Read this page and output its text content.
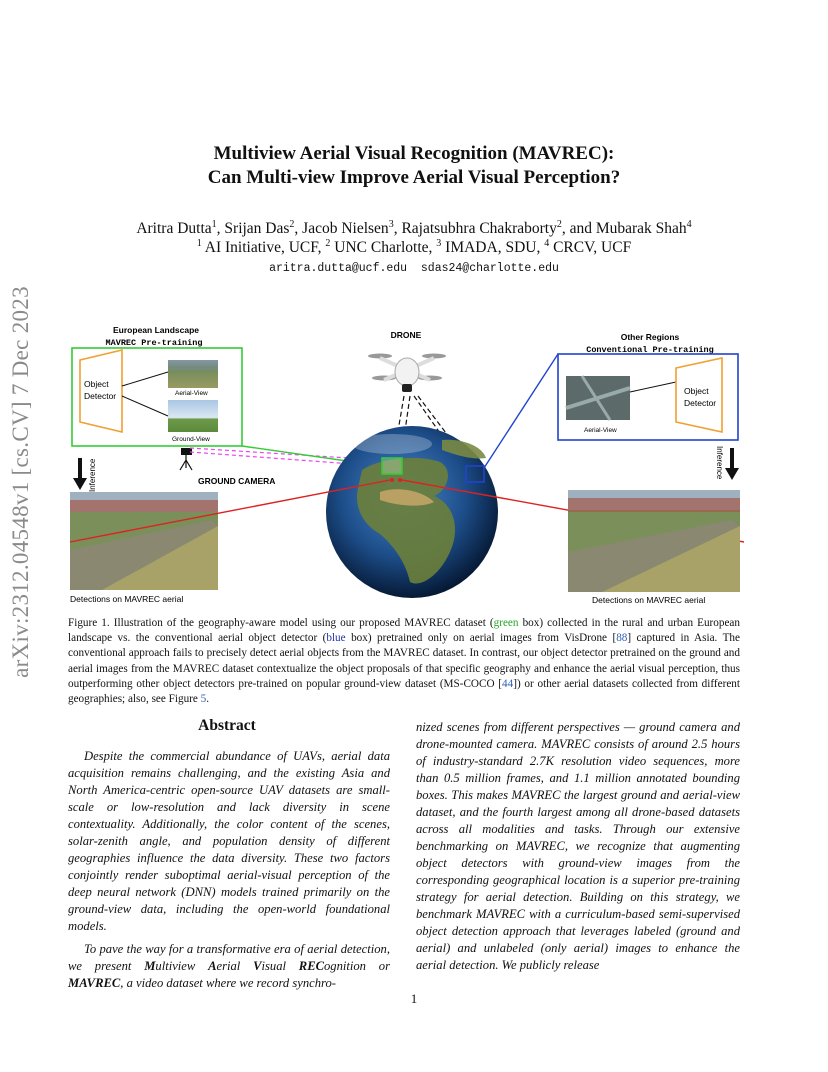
arXiv:2312.04548v1 [cs.CV] 7 Dec 2023
Multiview Aerial Visual Recognition (MAVREC):
Can Multi-view Improve Aerial Visual Perception?
Aritra Dutta$^1$, Srijan Das$^2$, Jacob Nielsen$^3$, Rajatsubhra Chakraborty$^2$, and Mubarak Shah$^4$
$^1$ AI Initiative, UCF, $^2$ UNC Charlotte, $^3$ IMADA, SDU, $^4$ CRCV, UCF
aritra.dutta@ucf.edu  sdas24@charlotte.edu
European Landscape
MAVREC Pre-training
Object
Detector	Aerial-View
Ground-View
Inference
Detections on MAVREC aerial
GROUND CAMERA
DRONE	Other Regions
Conventional Pre-training
Aerial-View
Object
Detector
Inference
Detections on MAVREC aerial
Figure 1. Illustration of the geography-aware model using our proposed MAVREC dataset (green box) collected in the rural and urban European landscape vs. the conventional aerial object detector (blue box) pretrained only on aerial images from VisDrone [88] captured in Asia. The conventional approach fails to precisely detect aerial objects from the MAVREC dataset. In contrast, our object detector pretrained on the ground and aerial images from the MAVREC dataset contextualize the object proposals of that specific geography and enhance the aerial visual perception, thus outperforming other object detectors pre-trained on popular ground-view dataset (MS-COCO [44]) or other aerial datasets collected from different geographies; also, see Figure 5.
Abstract

Despite the commercial abundance of UAVs, aerial data acquisition remains challenging, and the existing Asia and North America-centric open-source UAV datasets are small-scale or low-resolution and lack diversity in scene contextuality. Additionally, the color content of the scenes, solar-zenith angle, and population density of different geographies influence the data diversity. These two factors conjointly render suboptimal aerial-visual perception of the deep neural network (DNN) models trained primarily on the ground-view data, including the open-world foundational models.

To pave the way for a transformative era of aerial detection, we present Multiview Aerial Visual RECognition or MAVREC, a video dataset where we record synchro-

nized scenes from different perspectives — ground camera and drone-mounted camera. MAVREC consists of around 2.5 hours of industry-standard 2.7K resolution video sequences, more than 0.5 million frames, and 1.1 million annotated bounding boxes. This makes MAVREC the largest ground and aerial-view dataset, and the fourth largest among all drone-based datasets across all modalities and tasks. Through our extensive benchmarking on MAVREC, we recognize that augmenting object detectors with ground-view images from the corresponding geographical location is a superior pre-training strategy for aerial detection. Building on this strategy, we benchmark MAVREC with a curriculum-based semi-supervised object detection approach that leverages labeled (ground and aerial) and unlabeled (only aerial) images to enhance the aerial detection. We publicly release

1
